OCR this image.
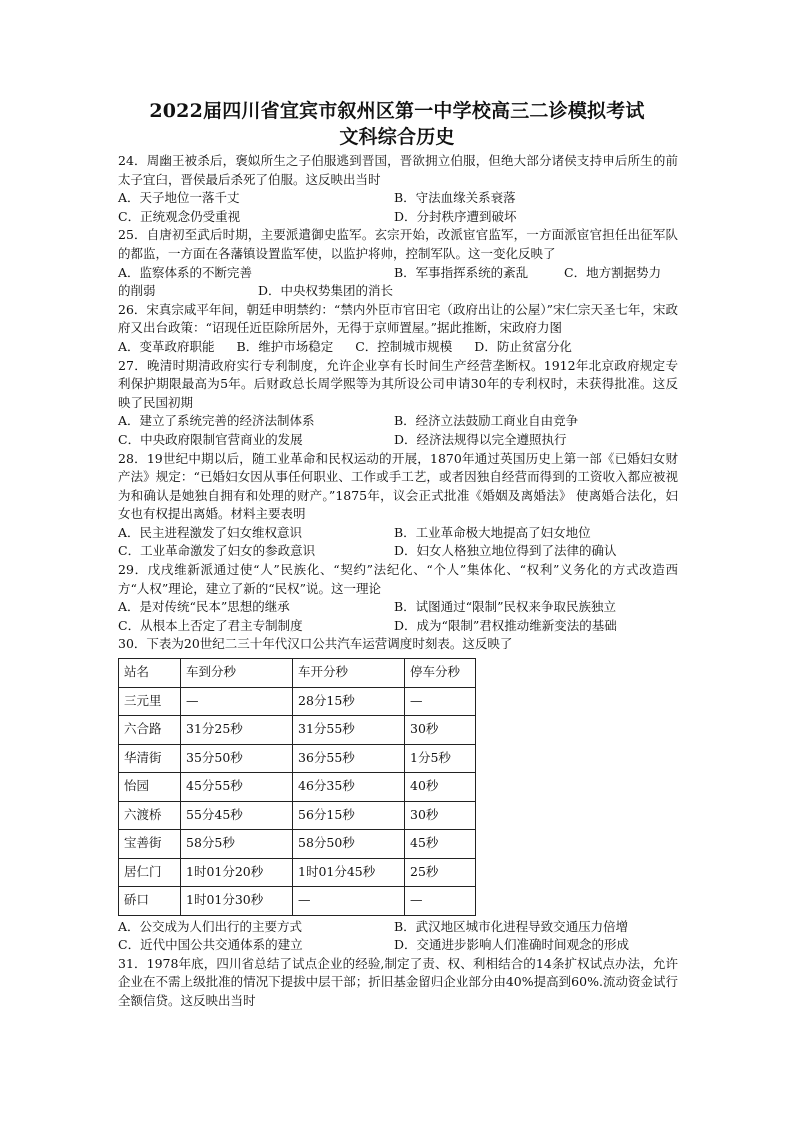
2022届四川省宜宾市叙州区第一中学校高三二诊模拟考试
文科综合历史

24．周幽王被杀后，褒姒所生之子伯服逃到晋国，晋欲拥立伯服，但绝大部分诸侯支持申后所生的前太子宜臼，晋侯最后杀死了伯服。这反映出当时

A．天子地位一落千丈	B．守法血缘关系衰落
C．正统观念仍受重视	D．分封秩序遭到破坏

25．自唐初至武后时期，主要派遣御史监军。玄宗开始，改派宦官监军，一方面派宦官担任出征军队的都监，一方面在各藩镇设置监军使，以监护将帅，控制军队。这一变化反映了

A．监察体系的不断完善	B．军事指挥系统的紊乱	C．地方割据势力
的削弱	D．中央权势集团的消长

26．宋真宗咸平年间，朝廷申明禁约：“禁内外臣市官田宅（政府出让的公屋）”宋仁宗天圣七年，宋政府又出台政策：“诏现任近臣除所居外，无得于京师置屋。”据此推断，宋政府力图

A．变革政府职能 B．维护市场稳定 C．控制城市规模 D．防止贫富分化

27．晚清时期清政府实行专利制度，允许企业享有长时间生产经营垄断权。1912年北京政府规定专利保护期限最高为5年。后财政总长周学熙等为其所设公司申请30年的专利权时，未获得批准。这反映了民国初期

A．建立了系统完善的经济法制体系	B．经济立法鼓励工商业自由竞争
C．中央政府限制官营商业的发展	D．经济法规得以完全遵照执行

28．19世纪中期以后，随工业革命和民权运动的开展，1870年通过英国历史上第一部《已婚妇女财产法》规定：“已婚妇女因从事任何职业、工作或手工艺，或者因独自经营而得到的工资收入都应被视为和确认是她独自拥有和处理的财产。”1875年，议会正式批准《婚姻及离婚法》 使离婚合法化，妇女也有权提出离婚。材料主要表明

A．民主进程激发了妇女维权意识	B．工业革命极大地提高了妇女地位
C．工业革命激发了妇女的参政意识	D．妇女人格独立地位得到了法律的确认

29．戊戌维新派通过使“人”民族化、“契约”法纪化、“个人”集体化、“权利”义务化的方式改造西方“人权”理论，建立了新的“民权”说。这一理论

A．是对传统“民本”思想的继承	B．试图通过“限制”民权来争取民族独立
C．从根本上否定了君主专制制度	D．成为“限制”君权推动维新变法的基础

30．下表为20世纪二三十年代汉口公共汽车运营调度时刻表。这反映了

站名	车到分秒	车开分秒	停车分秒
三元里	—	28分15秒	—
六合路	31分25秒	31分55秒	30秒
华清街	35分50秒	36分55秒	1分5秒
怡园	45分55秒	46分35秒	40秒
六渡桥	55分45秒	56分15秒	30秒
宝善街	58分5秒	58分50秒	45秒
居仁门	1时01分20秒	1时01分45秒	25秒
硚口	1时01分30秒	—	—
A．公交成为人们出行的主要方式	B．武汉地区城市化进程导致交通压力倍增
C．近代中国公共交通体系的建立	D．交通进步影响人们准确时间观念的形成

31．1978年底，四川省总结了试点企业的经验,制定了责、权、利相结合的14条扩权试点办法，允许企业在不需上级批准的情况下提拔中层干部；折旧基金留归企业部分由40%提高到60%.流动资金试行全额信贷。这反映出当时
